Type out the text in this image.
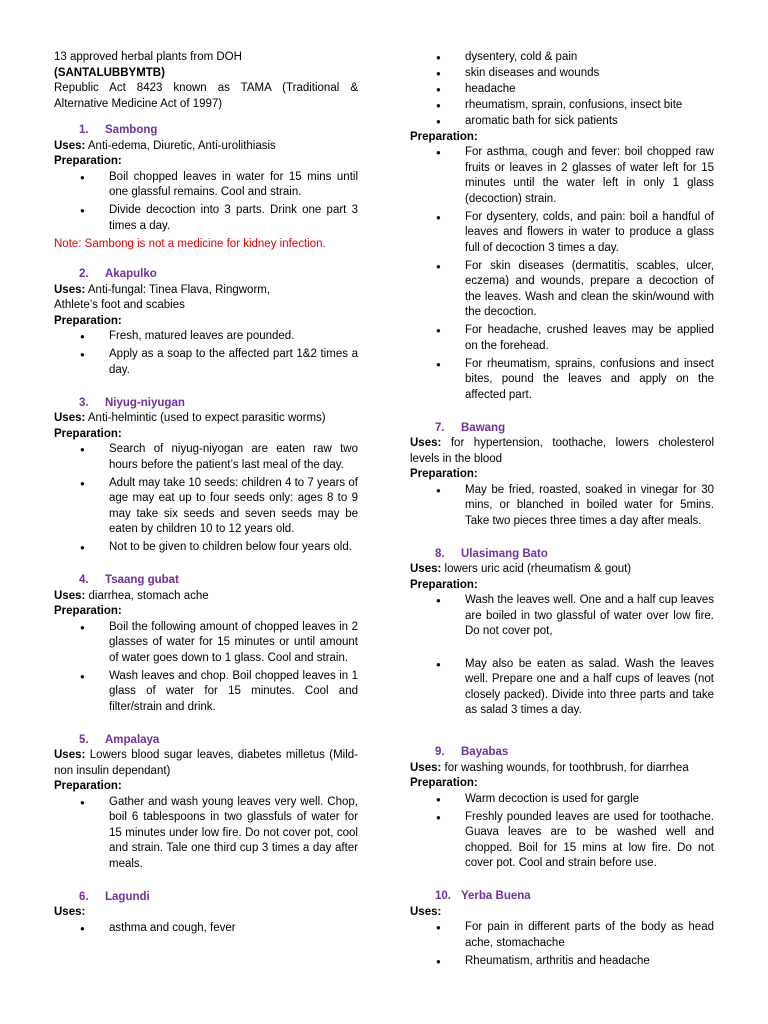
13 approved herbal plants from DOH

(SANTALUBBYMTB)

Republic Act 8423 known as TAMA (Traditional & Alternative Medicine Act of 1997)

1. Sambong

Uses: Anti-edema, Diuretic, Anti-urolithiasis

Preparation:

● Boil chopped leaves in water for 15 mins until one glassful remains. Cool and strain.
● Divide decoction into 3 parts. Drink one part 3 times a day.

Note: Sambong is not a medicine for kidney infection.

2. Akapulko

Uses: Anti-fungal: Tinea Flava, Ringworm,

Athlete’s foot and scabies

Preparation:

● Fresh, matured leaves are pounded.
● Apply as a soap to the affected part 1&2 times a day.

3. Niyug-niyugan

Uses: Anti-helmintic (used to expect parasitic worms)

Preparation:

● Search of niyug-niyogan are eaten raw two hours before the patient’s last meal of the day.
● Adult may take 10 seeds: children 4 to 7 years of age may eat up to four seeds only: ages 8 to 9 may take six seeds and seven seeds may be eaten by children 10 to 12 years old.
● Not to be given to children below four years old.

4. Tsaang gubat

Uses: diarrhea, stomach ache

Preparation:

● Boil the following amount of chopped leaves in 2 glasses of water for 15 minutes or until amount of water goes down to 1 glass. Cool and strain.
● Wash leaves and chop. Boil chopped leaves in 1 glass of water for 15 minutes. Cool and filter/strain and drink.

5. Ampalaya

Uses: Lowers blood sugar leaves, diabetes milletus (Mild-non insulin dependant)

Preparation:

● Gather and wash young leaves very well. Chop, boil 6 tablespoons in two glassfuls of water for 15 minutes under low fire. Do not cover pot, cool and strain. Tale one third cup 3 times a day after meals.

6. Lagundi

Uses:

● asthma and cough, fever
● dysentery, cold & pain
● skin diseases and wounds
● headache
● rheumatism, sprain, confusions, insect bite
● aromatic bath for sick patients

Preparation:

● For asthma, cough and fever: boil chopped raw fruits or leaves in 2 glasses of water left for 15 minutes until the water left in only 1 glass (decoction) strain.
● For dysentery, colds, and pain: boil a handful of leaves and flowers in water to produce a glass full of decoction 3 times a day.
● For skin diseases (dermatitis, scables, ulcer, eczema) and wounds, prepare a decoction of the leaves. Wash and clean the skin/wound with the decoction.
● For headache, crushed leaves may be applied on the forehead.
● For rheumatism, sprains, confusions and insect bites, pound the leaves and apply on the affected part.

7. Bawang

Uses: for hypertension, toothache, lowers cholesterol levels in the blood

Preparation:

● May be fried, roasted, soaked in vinegar for 30 mins, or blanched in boiled water for 5mins. Take two pieces three times a day after meals.

8. Ulasimang Bato

Uses: lowers uric acid (rheumatism & gout)

Preparation:

● Wash the leaves well. One and a half cup leaves are boiled in two glassful of water over low fire. Do not cover pot,
● May also be eaten as salad. Wash the leaves well. Prepare one and a half cups of leaves (not closely packed). Divide into three parts and take as salad 3 times a day.

9. Bayabas

Uses: for washing wounds, for toothbrush, for diarrhea

Preparation:

● Warm decoction is used for gargle
● Freshly pounded leaves are used for toothache. Guava leaves are to be washed well and chopped. Boil for 15 mins at low fire. Do not cover pot. Cool and strain before use.

10. Yerba Buena

Uses:

● For pain in different parts of the body as head ache, stomachache
● Rheumatism, arthritis and headache
